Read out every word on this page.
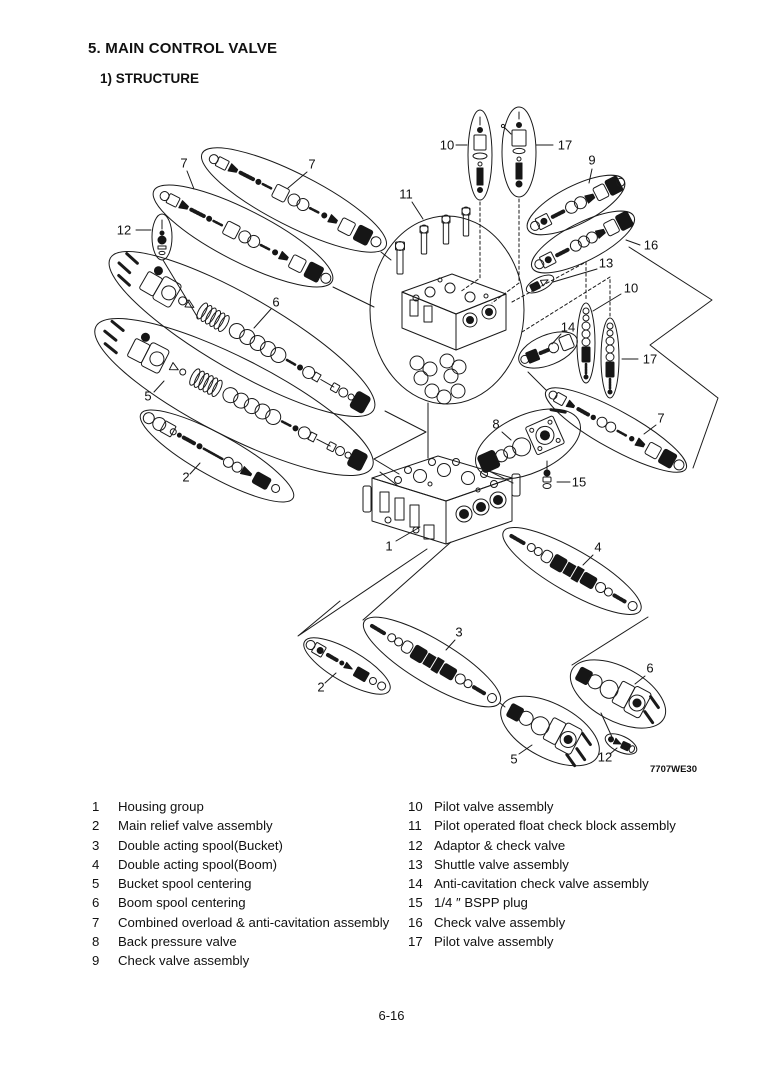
5. MAIN CONTROL VALVE
1) STRUCTURE
10	17
11
9
16
13
10
14
17
7
7	7
12
6
5
2
8
15
1	4
3
2
5
6
12
7707WE30
1	Housing group
2	Main relief valve assembly
3	Double acting spool(Bucket)
4	Double acting spool(Boom)
5	Bucket spool centering
6	Boom spool centering
7	Combined overload & anti-cavitation assembly
8	Back pressure valve
9	Check valve assembly
10 Pilot valve assembly
11 Pilot operated float check block assembly
12 Adaptor & check valve
13 Shuttle valve assembly
14 Anti-cavitation check valve assembly
15 1/4 ″ BSPP plug
16 Check valve assembly
17 Pilot valve assembly
6-16
